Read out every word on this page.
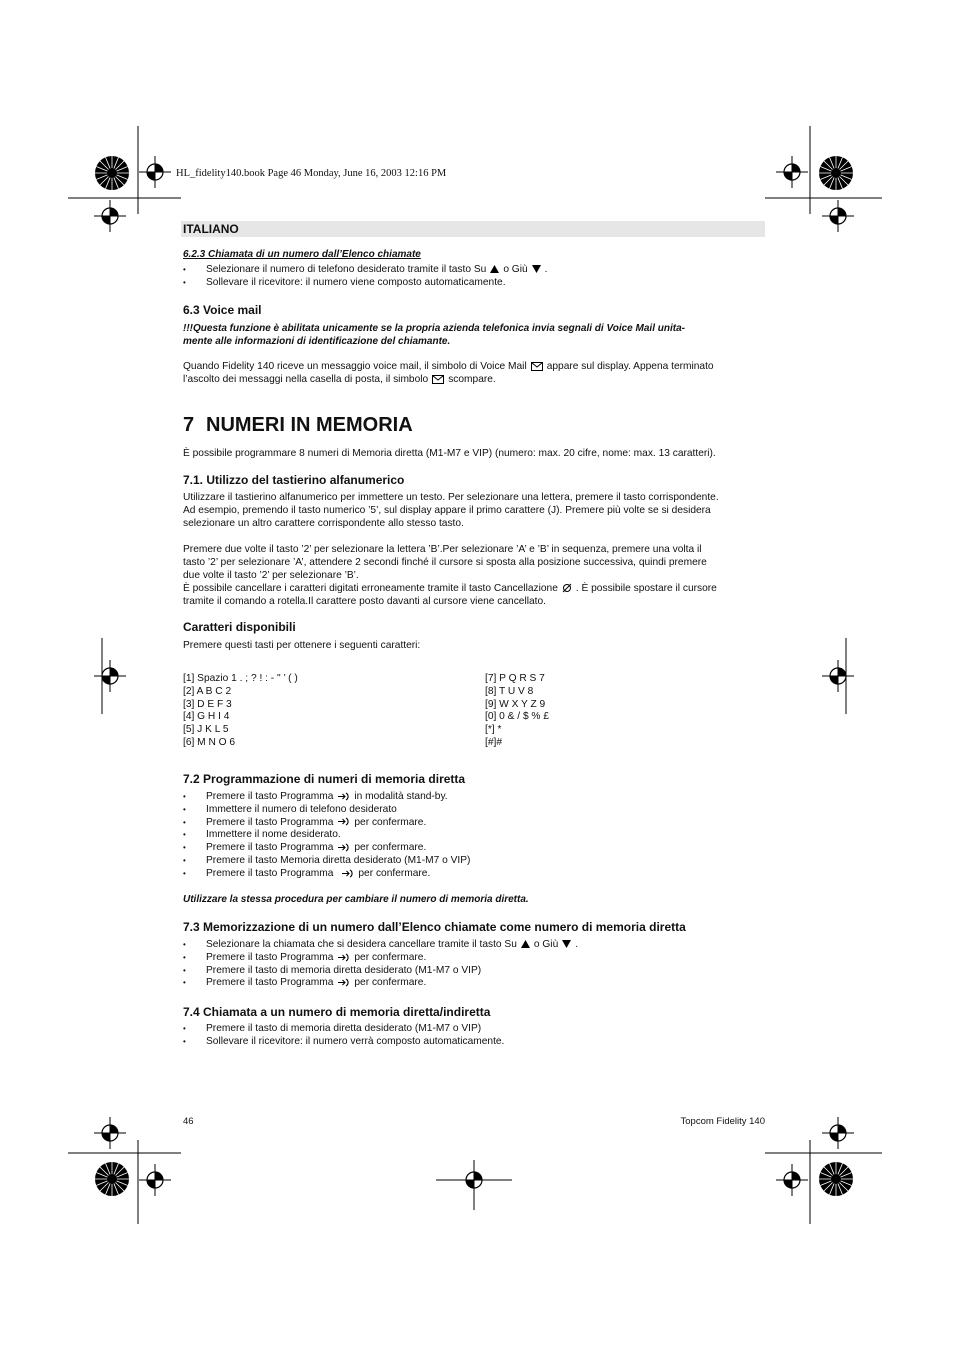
HL_fidelity140.book Page 46 Monday, June 16, 2003 12:16 PM
ITALIANO
6.2.3 Chiamata di un numero dall’Elenco chiamate
• Selezionare il numero di telefono desiderato tramite il tasto Su o Giù .
• Sollevare il ricevitore: il numero viene composto automaticamente.
6.3 Voice mail
!!!Questa funzione è abilitata unicamente se la propria azienda telefonica invia segnali di Voice Mail unita-
mente alle informazioni di identificazione del chiamante.
Quando Fidelity 140 riceve un messaggio voice mail, il simbolo di Voice Mail appare sul display. Appena terminato
l’ascolto dei messaggi nella casella di posta, il simbolo scompare.
7 NUMERI IN MEMORIA
È possibile programmare 8 numeri di Memoria diretta (M1-M7 e VIP) (numero: max. 20 cifre, nome: max. 13 caratteri).
7.1. Utilizzo del tastierino alfanumerico
Utilizzare il tastierino alfanumerico per immettere un testo. Per selezionare una lettera, premere il tasto corrispondente.
Ad esempio, premendo il tasto numerico ’5’, sul display appare il primo carattere (J). Premere più volte se si desidera
selezionare un altro carattere corrispondente allo stesso tasto.
Premere due volte il tasto ’2’ per selezionare la lettera ’B’.Per selezionare ’A’ e ’B’ in sequenza, premere una volta il
tasto ’2’ per selezionare ’A’, attendere 2 secondi finché il cursore si sposta alla posizione successiva, quindi premere
due volte il tasto ’2’ per selezionare ’B’.
È possibile cancellare i caratteri digitati erroneamente tramite il tasto Cancellazione . È possibile spostare il cursore
tramite il comando a rotella.Il carattere posto davanti al cursore viene cancellato.
Caratteri disponibili
Premere questi tasti per ottenere i seguenti caratteri:
[1] Spazio 1 . ; ? ! : - " ’ ( )
[2] A B C 2
[3] D E F 3
[4] G H I 4
[5] J K L 5
[6] M N O 6
[7] P Q R S 7
[8] T U V 8
[9] W X Y Z 9
[0] 0 & / $ % £
[*] *
[#]#
7.2 Programmazione di numeri di memoria diretta
• Premere il tasto Programma in modalità stand-by.
• Immettere il numero di telefono desiderato
• Premere il tasto Programma per confermare.
• Immettere il nome desiderato.
• Premere il tasto Programma per confermare.
• Premere il tasto Memoria diretta desiderato (M1-M7 o VIP)
• Premere il tasto Programma per confermare.
Utilizzare la stessa procedura per cambiare il numero di memoria diretta.
7.3 Memorizzazione di un numero dall’Elenco chiamate come numero di memoria diretta
• Selezionare la chiamata che si desidera cancellare tramite il tasto Su o Giù .
• Premere il tasto Programma per confermare.
• Premere il tasto di memoria diretta desiderato (M1-M7 o VIP)
• Premere il tasto Programma per confermare.
7.4 Chiamata a un numero di memoria diretta/indiretta
• Premere il tasto di memoria diretta desiderato (M1-M7 o VIP)
• Sollevare il ricevitore: il numero verrà composto automaticamente.
46	Topcom Fidelity 140
